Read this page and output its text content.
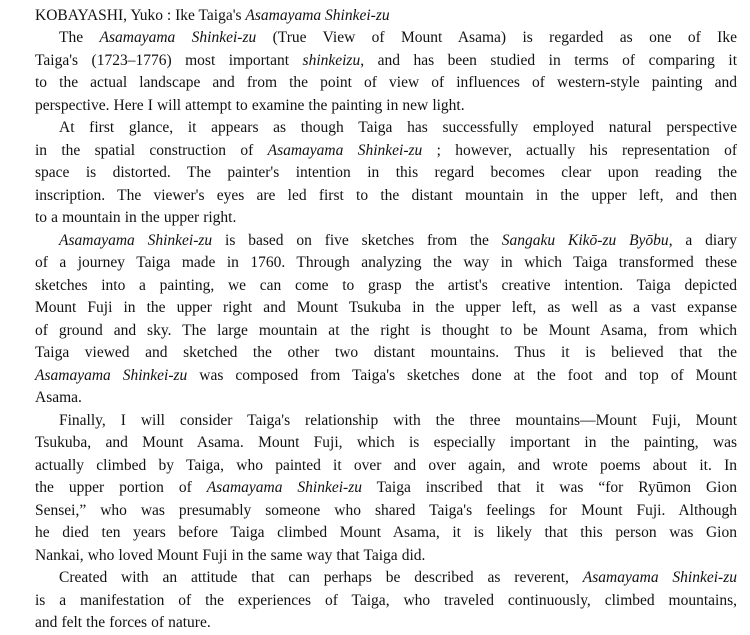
KOBAYASHI, Yuko : Ike Taiga's Asamayama Shinkei-zu
The Asamayama Shinkei-zu (True View of Mount Asama) is regarded as one of Ike
Taiga's (1723–1776) most important shinkeizu, and has been studied in terms of comparing it
to the actual landscape and from the point of view of influences of western-style painting and
perspective. Here I will attempt to examine the painting in new light.
At first glance, it appears as though Taiga has successfully employed natural perspective
in the spatial construction of Asamayama Shinkei-zu ; however, actually his representation of
space is distorted. The painter's intention in this regard becomes clear upon reading the
inscription. The viewer's eyes are led first to the distant mountain in the upper left, and then
to a mountain in the upper right.
Asamayama Shinkei-zu is based on five sketches from the Sangaku Kikō-zu Byōbu, a diary
of a journey Taiga made in 1760. Through analyzing the way in which Taiga transformed these
sketches into a painting, we can come to grasp the artist's creative intention. Taiga depicted
Mount Fuji in the upper right and Mount Tsukuba in the upper left, as well as a vast expanse
of ground and sky. The large mountain at the right is thought to be Mount Asama, from which
Taiga viewed and sketched the other two distant mountains. Thus it is believed that the
Asamayama Shinkei-zu was composed from Taiga's sketches done at the foot and top of Mount
Asama.
Finally, I will consider Taiga's relationship with the three mountains—Mount Fuji, Mount
Tsukuba, and Mount Asama. Mount Fuji, which is especially important in the painting, was
actually climbed by Taiga, who painted it over and over again, and wrote poems about it. In
the upper portion of Asamayama Shinkei-zu Taiga inscribed that it was “for Ryūmon Gion
Sensei,” who was presumably someone who shared Taiga's feelings for Mount Fuji. Although
he died ten years before Taiga climbed Mount Asama, it is likely that this person was Gion
Nankai, who loved Mount Fuji in the same way that Taiga did.
Created with an attitude that can perhaps be described as reverent, Asamayama Shinkei-zu
is a manifestation of the experiences of Taiga, who traveled continuously, climbed mountains,
and felt the forces of nature.
